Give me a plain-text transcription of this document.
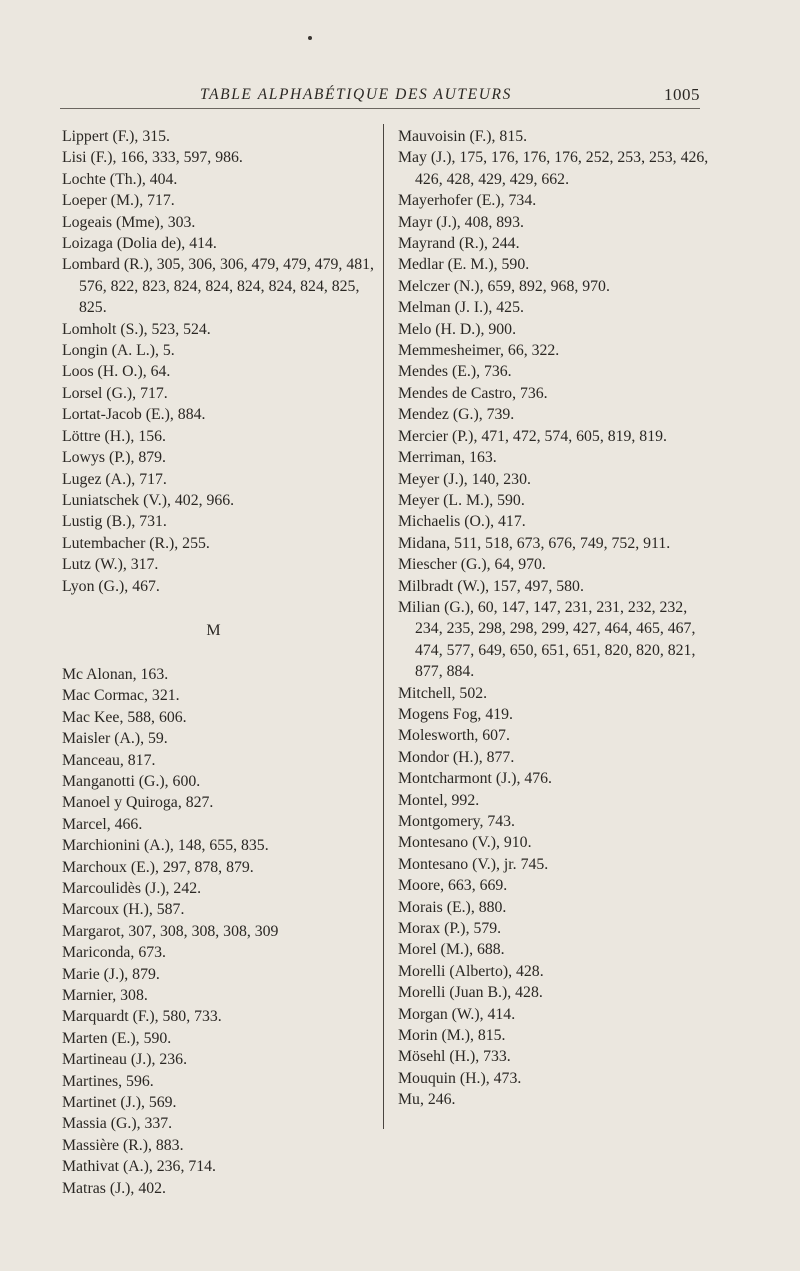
TABLE ALPHABÉTIQUE DES AUTEURS	1005
Lippert (F.), 315.
Lisi (F.), 166, 333, 597, 986.
Lochte (Th.), 404.
Loeper (M.), 717.
Logeais (Mme), 303.
Loizaga (Dolia de), 414.
Lombard (R.), 305, 306, 306, 479, 479, 479, 481, 576, 822, 823, 824, 824, 824, 824, 824, 825, 825.
Lomholt (S.), 523, 524.
Longin (A. L.), 5.
Loos (H. O.), 64.
Lorsel (G.), 717.
Lortat-Jacob (E.), 884.
Löttre (H.), 156.
Lowys (P.), 879.
Lugez (A.), 717.
Luniatschek (V.), 402, 966.
Lustig (B.), 731.
Lutembacher (R.), 255.
Lutz (W.), 317.
Lyon (G.), 467.
M
Mc Alonan, 163.
Mac Cormac, 321.
Mac Kee, 588, 606.
Maisler (A.), 59.
Manceau, 817.
Manganotti (G.), 600.
Manoel y Quiroga, 827.
Marcel, 466.
Marchionini (A.), 148, 655, 835.
Marchoux (E.), 297, 878, 879.
Marcoulidès (J.), 242.
Marcoux (H.), 587.
Margarot, 307, 308, 308, 308, 309
Mariconda, 673.
Marie (J.), 879.
Marnier, 308.
Marquardt (F.), 580, 733.
Marten (E.), 590.
Martineau (J.), 236.
Martines, 596.
Martinet (J.), 569.
Massia (G.), 337.
Massière (R.), 883.
Mathivat (A.), 236, 714.
Matras (J.), 402.
Mauvoisin (F.), 815.
May (J.), 175, 176, 176, 176, 252, 253, 253, 426, 426, 428, 429, 429, 662.
Mayerhofer (E.), 734.
Mayr (J.), 408, 893.
Mayrand (R.), 244.
Medlar (E. M.), 590.
Melczer (N.), 659, 892, 968, 970.
Melman (J. I.), 425.
Melo (H. D.), 900.
Memmesheimer, 66, 322.
Mendes (E.), 736.
Mendes de Castro, 736.
Mendez (G.), 739.
Mercier (P.), 471, 472, 574, 605, 819, 819.
Merriman, 163.
Meyer (J.), 140, 230.
Meyer (L. M.), 590.
Michaelis (O.), 417.
Midana, 511, 518, 673, 676, 749, 752, 911.
Miescher (G.), 64, 970.
Milbradt (W.), 157, 497, 580.
Milian (G.), 60, 147, 147, 231, 231, 232, 232, 234, 235, 298, 298, 299, 427, 464, 465, 467, 474, 577, 649, 650, 651, 651, 820, 820, 821, 877, 884.
Mitchell, 502.
Mogens Fog, 419.
Molesworth, 607.
Mondor (H.), 877.
Montcharmont (J.), 476.
Montel, 992.
Montgomery, 743.
Montesano (V.), 910.
Montesano (V.), jr. 745.
Moore, 663, 669.
Morais (E.), 880.
Morax (P.), 579.
Morel (M.), 688.
Morelli (Alberto), 428.
Morelli (Juan B.), 428.
Morgan (W.), 414.
Morin (M.), 815.
Mösehl (H.), 733.
Mouquin (H.), 473.
Mu, 246.
